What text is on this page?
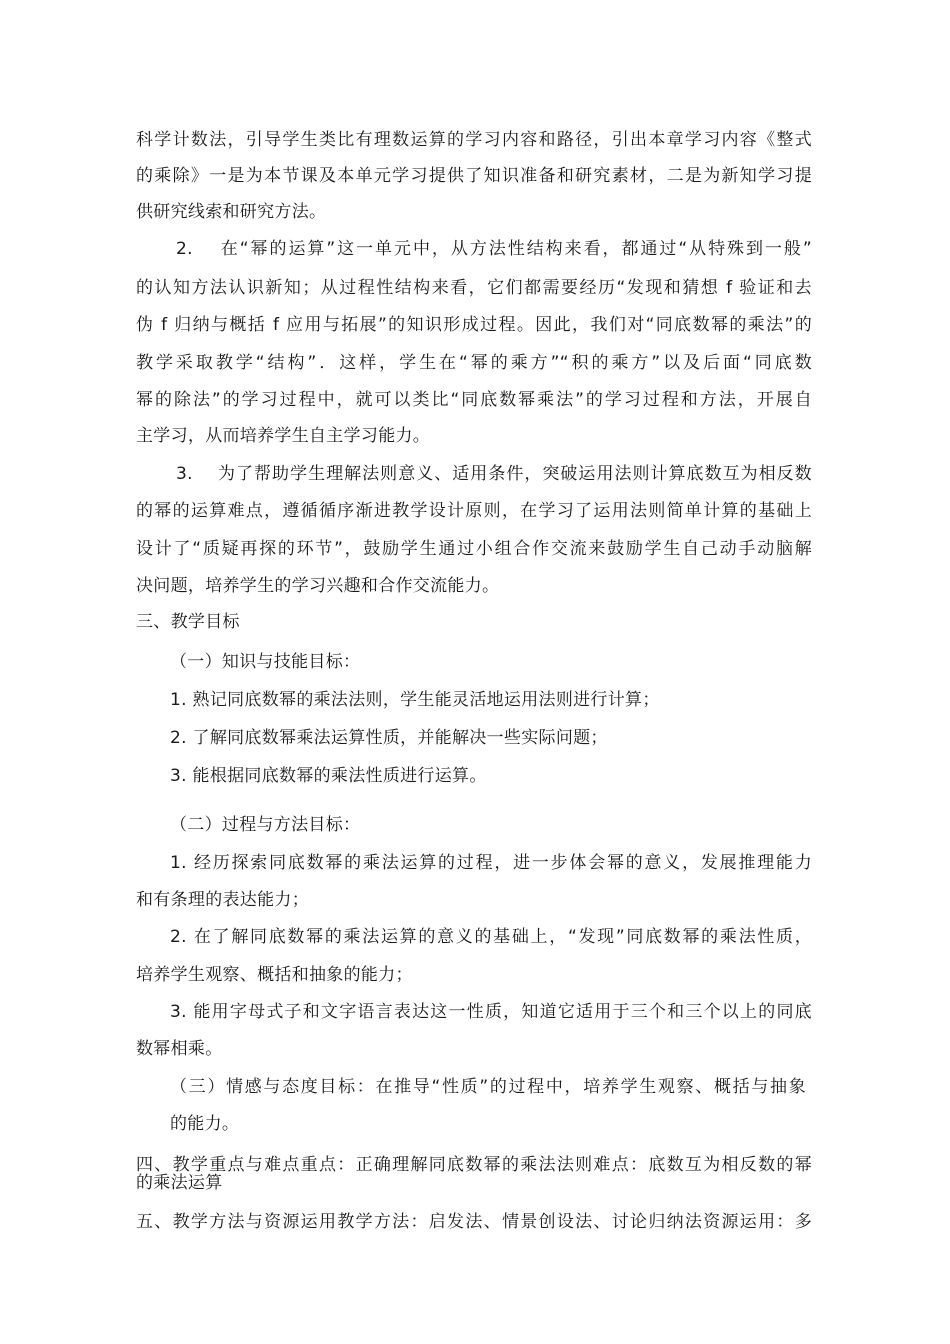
科学计数法，引导学生类比有理数运算的学习内容和路径，引出本章学习内容《整式
的乘除》一是为本节课及本单元学习提供了知识准备和研究素材，二是为新知学习提
供研究线索和研究方法。
2.　 在“幂的运算”这一单元中，从方法性结构来看，都通过“从特殊到一般”
的认知方法认识新知；从过程性结构来看，它们都需要经历“发现和猜想 f 验证和去
伪 f 归纳与概括 f 应用与拓展”的知识形成过程。因此，我们对“同底数幂的乘法”的
教学采取教学“结构”．这样，学生在“幂的乘方”“积的乘方”以及后面“同底数
幂的除法”的学习过程中，就可以类比“同底数幂乘法”的学习过程和方法，开展自
主学习，从而培养学生自主学习能力。
3.　 为了帮助学生理解法则意义、适用条件，突破运用法则计算底数互为相反数
的幂的运算难点，遵循循序渐进教学设计原则，在学习了运用法则简单计算的基础上
设计了“质疑再探的环节”，鼓励学生通过小组合作交流来鼓励学生自己动手动脑解
决问题，培养学生的学习兴趣和合作交流能力。
三、教学目标
（一）知识与技能目标：
1. 熟记同底数幂的乘法法则，学生能灵活地运用法则进行计算；
2. 了解同底数幂乘法运算性质，并能解决一些实际问题；
3. 能根据同底数幂的乘法性质进行运算。
（二）过程与方法目标：
1. 经历探索同底数幂的乘法运算的过程，进一步体会幂的意义，发展推理能力
和有条理的表达能力；
2. 在了解同底数幂的乘法运算的意义的基础上，“发现”同底数幂的乘法性质，
培养学生观察、概括和抽象的能力；
3. 能用字母式子和文字语言表达这一性质，知道它适用于三个和三个以上的同底
数幂相乘。
（三）情感与态度目标：在推导“性质”的过程中，培养学生观察、概括与抽象
的能力。
四、教学重点与难点重点：正确理解同底数幂的乘法法则难点：底数互为相反数的幂
的乘法运算
五、教学方法与资源运用教学方法：启发法、情景创设法、讨论归纳法资源运用：多
